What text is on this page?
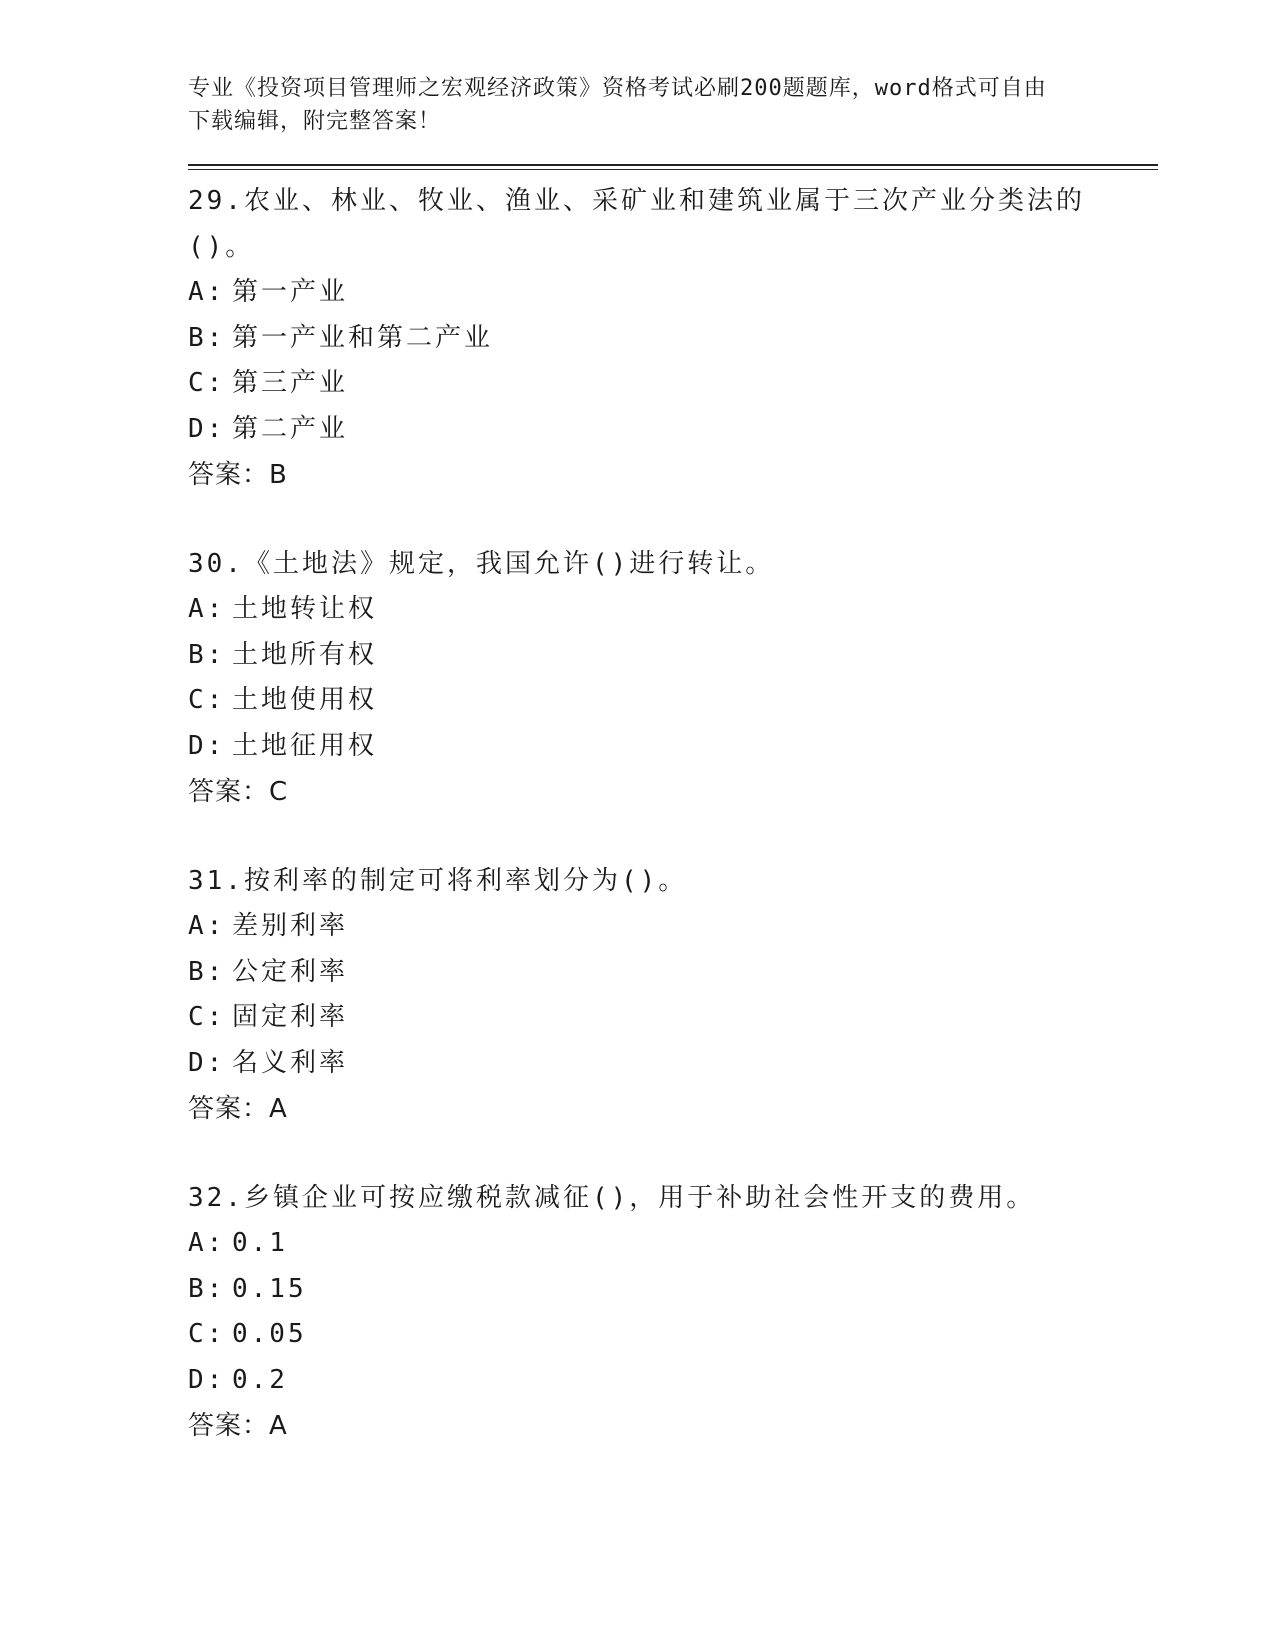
专业《投资项目管理师之宏观经济政策》资格考试必刷200题题库，word格式可自由下载编辑，附完整答案！
29.农业、林业、牧业、渔业、采矿业和建筑业属于三次产业分类法的()。
A: 第一产业
B: 第一产业和第二产业
C: 第三产业
D: 第二产业
答案：B
30.《土地法》规定，我国允许()进行转让。
A: 土地转让权
B: 土地所有权
C: 土地使用权
D: 土地征用权
答案：C
31.按利率的制定可将利率划分为()。
A: 差别利率
B: 公定利率
C: 固定利率
D: 名义利率
答案：A
32.乡镇企业可按应缴税款减征()，用于补助社会性开支的费用。
A: 0.1
B: 0.15
C: 0.05
D: 0.2
答案：A
